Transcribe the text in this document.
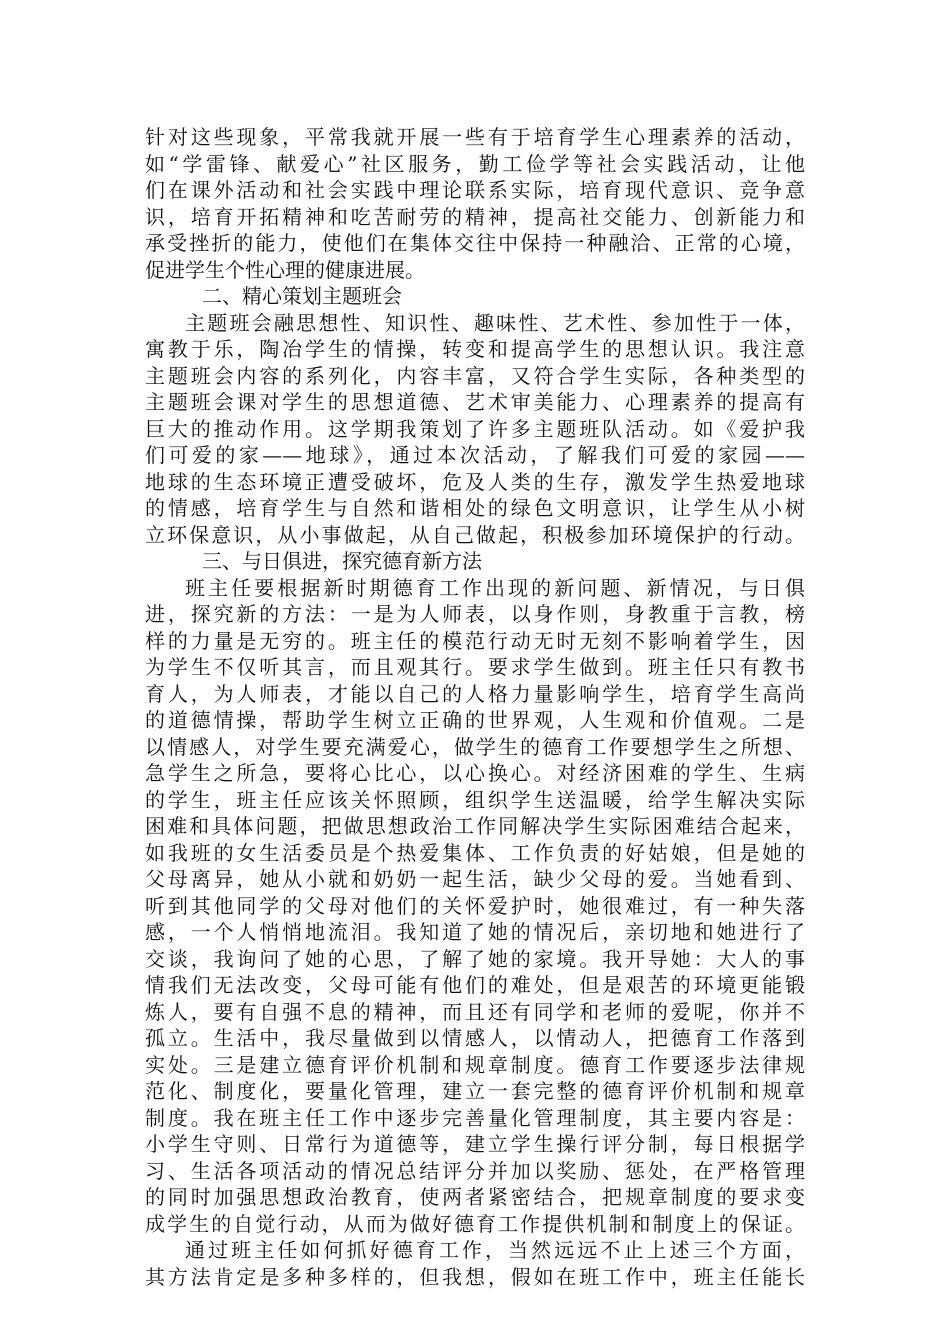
针对这些现象，平常我就开展一些有于培育学生心理素养的活动，
如“学雷锋、献爱心”社区服务，勤工俭学等社会实践活动，让他
们在课外活动和社会实践中理论联系实际，培育现代意识、竞争意
识，培育开拓精神和吃苦耐劳的精神，提高社交能力、创新能力和
承受挫折的能力，使他们在集体交往中保持一种融洽、正常的心境，
促进学生个性心理的健康进展。
二、精心策划主题班会
主题班会融思想性、知识性、趣味性、艺术性、参加性于一体，
寓教于乐，陶冶学生的情操，转变和提高学生的思想认识。我注意
主题班会内容的系列化，内容丰富，又符合学生实际，各种类型的
主题班会课对学生的思想道德、艺术审美能力、心理素养的提高有
巨大的推动作用。这学期我策划了许多主题班队活动。如《爱护我
们可爱的家——地球》，通过本次活动，了解我们可爱的家园——
地球的生态环境正遭受破坏，危及人类的生存，激发学生热爱地球
的情感，培育学生与自然和谐相处的绿色文明意识，让学生从小树
立环保意识，从小事做起，从自己做起，积极参加环境保护的行动。
三、与日俱进，探究德育新方法
班主任要根据新时期德育工作出现的新问题、新情况，与日俱
进，探究新的方法：一是为人师表，以身作则，身教重于言教，榜
样的力量是无穷的。班主任的模范行动无时无刻不影响着学生，因
为学生不仅听其言，而且观其行。要求学生做到。班主任只有教书
育人，为人师表，才能以自己的人格力量影响学生，培育学生高尚
的道德情操，帮助学生树立正确的世界观，人生观和价值观。二是
以情感人，对学生要充满爱心，做学生的德育工作要想学生之所想、
急学生之所急，要将心比心，以心换心。对经济困难的学生、生病
的学生，班主任应该关怀照顾，组织学生送温暖，给学生解决实际
困难和具体问题，把做思想政治工作同解决学生实际困难结合起来，
如我班的女生活委员是个热爱集体、工作负责的好姑娘，但是她的
父母离异，她从小就和奶奶一起生活，缺少父母的爱。当她看到、
听到其他同学的父母对他们的关怀爱护时，她很难过，有一种失落
感，一个人悄悄地流泪。我知道了她的情况后，亲切地和她进行了
交谈，我询问了她的心思，了解了她的家境。我开导她：大人的事
情我们无法改变，父母可能有他们的难处，但是艰苦的环境更能锻
炼人，要有自强不息的精神，而且还有同学和老师的爱呢，你并不
孤立。生活中，我尽量做到以情感人，以情动人，把德育工作落到
实处。三是建立德育评价机制和规章制度。德育工作要逐步法律规
范化、制度化，要量化管理，建立一套完整的德育评价机制和规章
制度。我在班主任工作中逐步完善量化管理制度，其主要内容是：
小学生守则、日常行为道德等，建立学生操行评分制，每日根据学
习、生活各项活动的情况总结评分并加以奖励、惩处，在严格管理
的同时加强思想政治教育，使两者紧密结合，把规章制度的要求变
成学生的自觉行动，从而为做好德育工作提供机制和制度上的保证。
通过班主任如何抓好德育工作，当然远远不止上述三个方面，
其方法肯定是多种多样的，但我想，假如在班工作中，班主任能长
